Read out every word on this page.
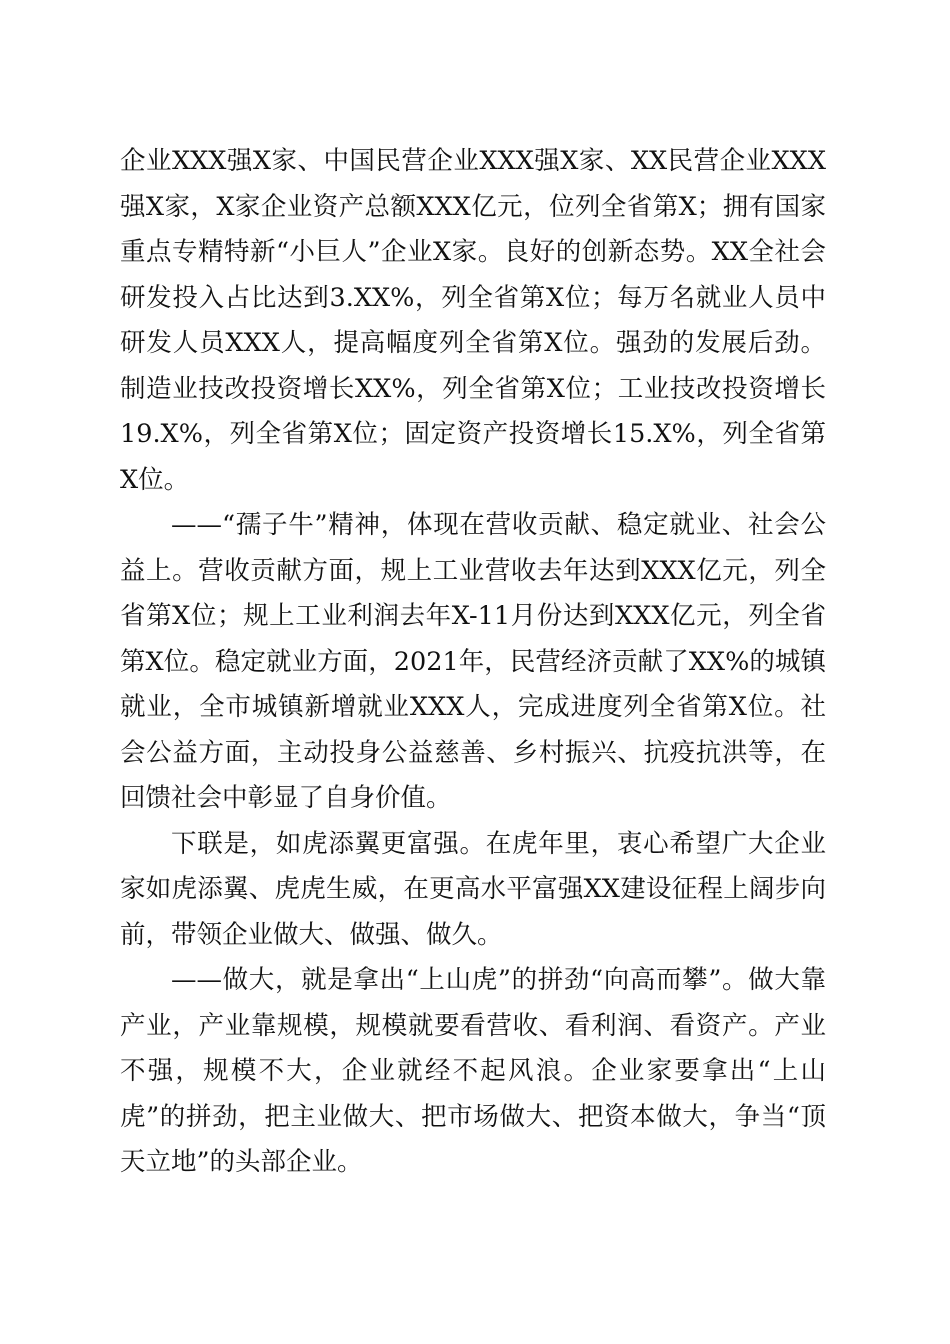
企业XXX强X家、中国民营企业XXX强X家、XX民营企业XXX强X家，X家企业资产总额XXX亿元，位列全省第X；拥有国家重点专精特新“小巨人”企业X家。良好的创新态势。XX全社会研发投入占比达到3.XX%，列全省第X位；每万名就业人员中研发人员XXX人，提高幅度列全省第X位。强劲的发展后劲。制造业技改投资增长XX%，列全省第X位；工业技改投资增长19.X%，列全省第X位；固定资产投资增长15.X%，列全省第X位。

——“孺子牛”精神，体现在营收贡献、稳定就业、社会公益上。营收贡献方面，规上工业营收去年达到XXX亿元，列全省第X位；规上工业利润去年X-11月份达到XXX亿元，列全省第X位。稳定就业方面，2021年，民营经济贡献了XX%的城镇就业，全市城镇新增就业XXX人，完成进度列全省第X位。社会公益方面，主动投身公益慈善、乡村振兴、抗疫抗洪等，在回馈社会中彰显了自身价值。

下联是，如虎添翼更富强。在虎年里，衷心希望广大企业家如虎添翼、虎虎生威，在更高水平富强XX建设征程上阔步向前，带领企业做大、做强、做久。

——做大，就是拿出“上山虎”的拼劲“向高而攀”。做大靠产业，产业靠规模，规模就要看营收、看利润、看资产。产业不强，规模不大，企业就经不起风浪。企业家要拿出“上山虎”的拼劲，把主业做大、把市场做大、把资本做大，争当“顶天立地”的头部企业。
